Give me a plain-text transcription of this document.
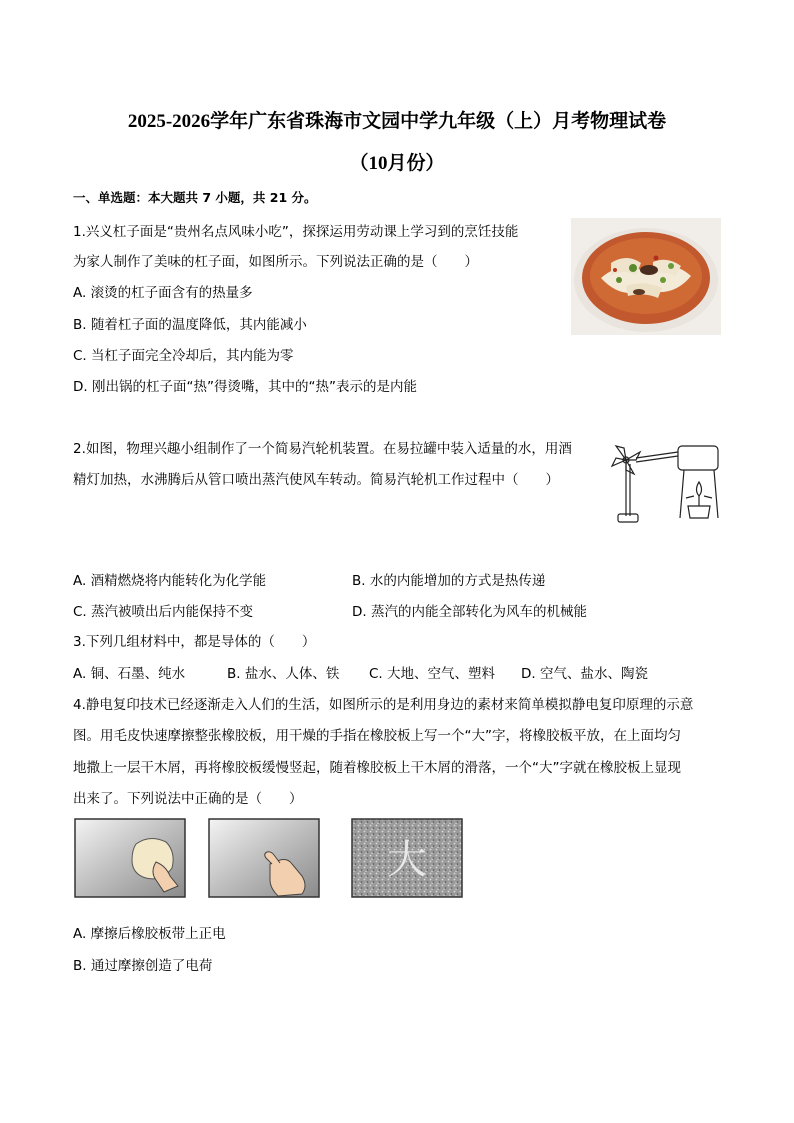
2025-2026学年广东省珠海市文园中学九年级（上）月考物理试卷
（10月份）
一、单选题：本大题共 7 小题，共 21 分。
1.兴义杠子面是“贵州名点风味小吃”，探探运用劳动课上学习到的烹饪技能
为家人制作了美味的杠子面，如图所示。下列说法正确的是（　　）
A. 滚烫的杠子面含有的热量多
B. 随着杠子面的温度降低，其内能减小
C. 当杠子面完全冷却后，其内能为零
D. 刚出锅的杠子面“热”得烫嘴，其中的“热”表示的是内能
2.如图，物理兴趣小组制作了一个简易汽轮机装置。在易拉罐中装入适量的水，用酒
精灯加热，水沸腾后从管口喷出蒸汽使风车转动。简易汽轮机工作过程中（　　）
A. 酒精燃烧将内能转化为化学能	B. 水的内能增加的方式是热传递
C. 蒸汽被喷出后内能保持不变	D. 蒸汽的内能全部转化为风车的机械能
3.下列几组材料中，都是导体的（　　）
A. 铜、石墨、纯水	B. 盐水、人体、铁 C. 大地、空气、塑料 D. 空气、盐水、陶瓷
4.静电复印技术已经逐渐走入人们的生活，如图所示的是利用身边的素材来简单模拟静电复印原理的示意
图。用毛皮快速摩擦整张橡胶板，用干燥的手指在橡胶板上写一个“大”字，将橡胶板平放，在上面均匀
地撒上一层干木屑，再将橡胶板缓慢竖起，随着橡胶板上干木屑的滑落，一个“大”字就在橡胶板上显现
出来了。下列说法中正确的是（　　）
大
A. 摩擦后橡胶板带上正电
B. 通过摩擦创造了电荷
